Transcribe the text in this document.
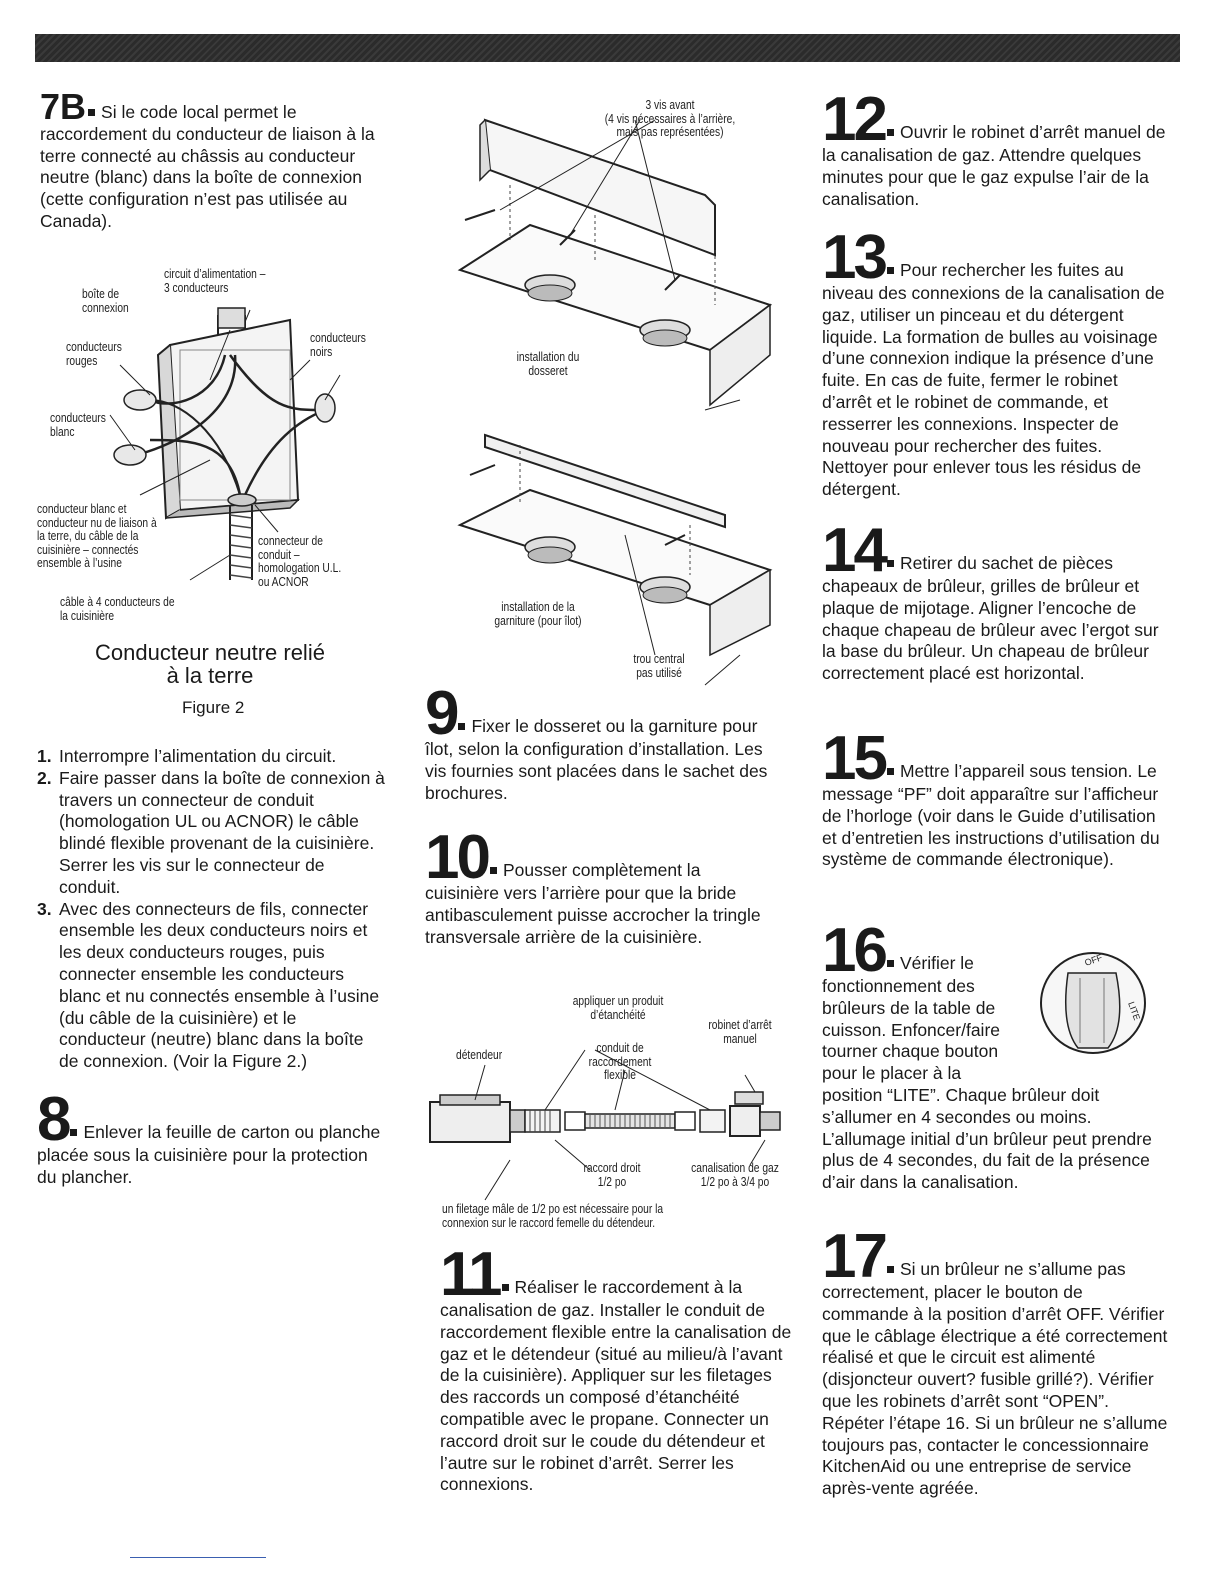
7B Si le code local permet le raccordement du conducteur de liaison à la terre connecté au châssis au conducteur neutre (blanc) dans la boîte de connexion (cette configuration n’est pas utilisée au Canada).

circuit d’alimentation –
3 conducteurs
boîte de
connexion
conducteurs
rouges
conducteurs
noirs
conducteurs
blanc
conducteur blanc et
conducteur nu de liaison à
la terre, du câble de la
cuisinière – connectés
ensemble à l’usine
connecteur de
conduit –
homologation U.L.
ou ACNOR
câble à 4 conducteurs de
la cuisinière
Conducteur neutre relié
à la terre
Figure 2
1. Interrompre l’alimentation du circuit.
2. Faire passer dans la boîte de connexion à travers un connecteur de conduit (homologation UL ou ACNOR) le câble blindé flexible provenant de la cuisinière. Serrer les vis sur le connecteur de conduit.
3. Avec des connecteurs de fils, connecter ensemble les deux conducteurs noirs et les deux conducteurs rouges, puis connecter ensemble les conducteurs blanc et nu connectés ensemble à l’usine (du câble de la cuisinière) et le conducteur (neutre) blanc dans la boîte de connexion. (Voir la Figure 2.)

8 Enlever la feuille de carton ou planche placée sous la cuisinière pour la protection du plancher.

3 vis avant
(4 vis nécessaires à l’arrière,
mais pas représentées)
installation du
dosseret
installation de la
garniture (pour îlot)
trou central
pas utilisé

9 Fixer le dosseret ou la garniture pour îlot, selon la configuration d’installation. Les vis fournies sont placées dans le sachet des brochures.

10 Pousser complètement la cuisinière vers l’arrière pour que la bride antibasculement puisse accrocher la tringle transversale arrière de la cuisinière.

appliquer un produit
d’étanchéité
robinet d’arrêt
manuel
détendeur	conduit de
raccordement
flexible
raccord droit
1/2 po
canalisation de gaz
1/2 po à 3/4 po
un filetage mâle de 1/2 po est nécessaire pour la
connexion sur le raccord femelle du détendeur.

11 Réaliser le raccordement à la canalisation de gaz. Installer le conduit de raccordement flexible entre la canalisation de gaz et le détendeur (situé au milieu/à l’avant de la cuisinière). Appliquer sur les filetages des raccords un composé d’étanchéité compatible avec le propane. Connecter un raccord droit sur le coude du détendeur et l’autre sur le robinet d’arrêt. Serrer les connexions.

12 Ouvrir le robinet d’arrêt manuel de la canalisation de gaz. Attendre quelques minutes pour que le gaz expulse l’air de la canalisation.

13 Pour rechercher les fuites au niveau des connexions de la canalisation de gaz, utiliser un pinceau et du détergent liquide. La formation de bulles au voisinage d’une connexion indique la présence d’une fuite. En cas de fuite, fermer le robinet d’arrêt et le robinet de commande, et resserrer les connexions. Inspecter de nouveau pour rechercher des fuites. Nettoyer pour enlever tous les résidus de détergent.

14 Retirer du sachet de pièces chapeaux de brûleur, grilles de brûleur et plaque de mijotage. Aligner l’encoche de chaque chapeau de brûleur avec l’ergot sur la base du brûleur. Un chapeau de brûleur correctement placé est horizontal.

15 Mettre l’appareil sous tension. Le message “PF” doit apparaître sur l’afficheur de l’horloge (voir dans le Guide d’utilisation et d’entretien les instructions d’utilisation du système de commande électronique).

16 Vérifier le fonctionnement des brûleurs de la table de cuisson. Enfoncer/faire tourner chaque bouton pour le placer à la

position “LITE”. Chaque brûleur doit s’allumer en 4 secondes ou moins. L’allumage initial d’un brûleur peut prendre plus de 4 secondes, du fait de la présence d’air dans la canalisation.

OFF
LITE

17 Si un brûleur ne s’allume pas correctement, placer le bouton de commande à la position d’arrêt OFF. Vérifier que le câblage électrique a été correctement réalisé et que le circuit est alimenté (disjoncteur ouvert? fusible grillé?). Vérifier que les robinets d’arrêt sont “OPEN”. Répéter l’étape 16. Si un brûleur ne s’allume toujours pas, contacter le concessionnaire KitchenAid ou une entreprise de service après-vente agréée.
